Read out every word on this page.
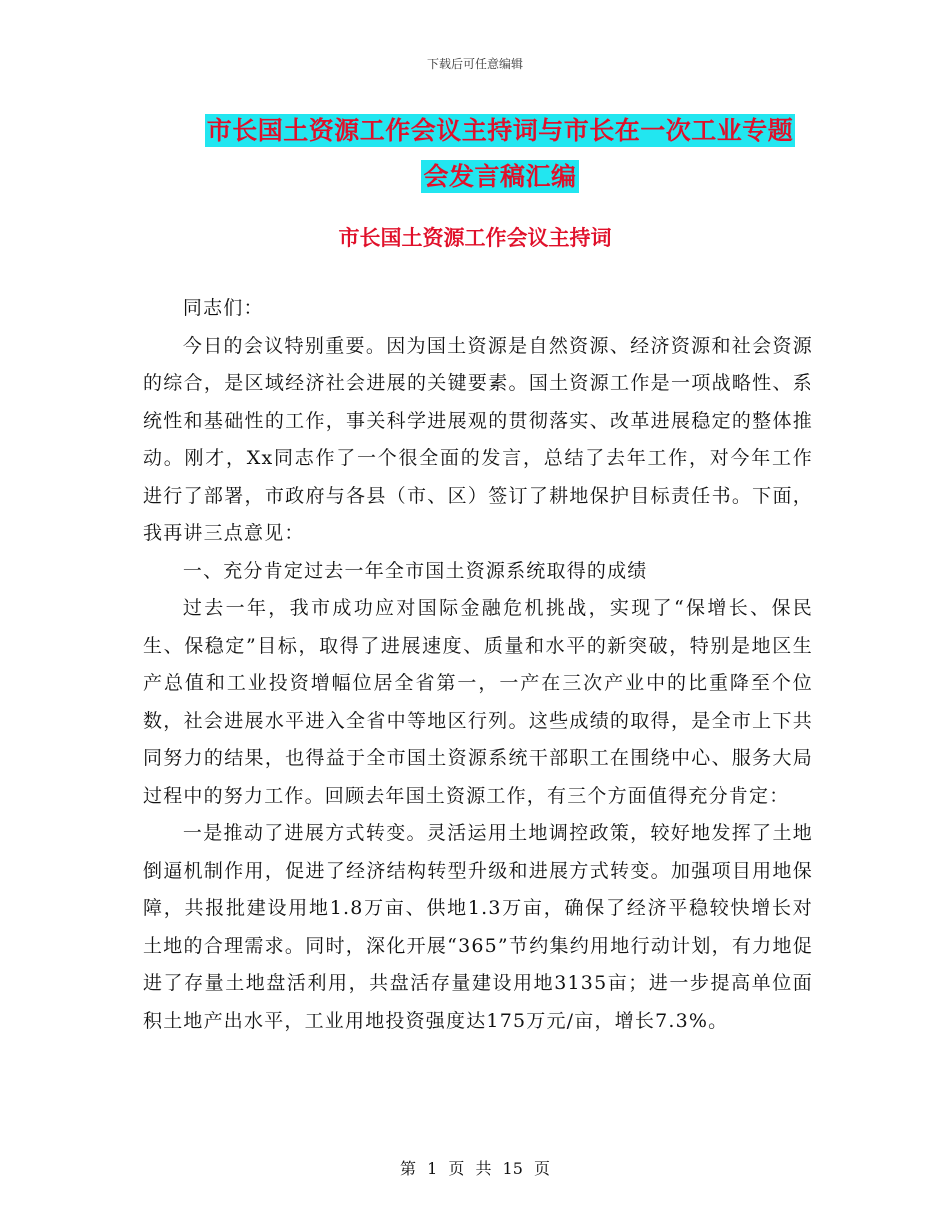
下载后可任意编辑
市长国土资源工作会议主持词与市长在一次工业专题
会发言稿汇编
市长国土资源工作会议主持词

同志们：

今日的会议特别重要。因为国土资源是自然资源、经济资源和社会资源的综合，是区域经济社会进展的关键要素。国土资源工作是一项战略性、系统性和基础性的工作，事关科学进展观的贯彻落实、改革进展稳定的整体推动。刚才，Xx同志作了一个很全面的发言，总结了去年工作，对今年工作进行了部署，市政府与各县（市、区）签订了耕地保护目标责任书。下面，我再讲三点意见：

一、充分肯定过去一年全市国土资源系统取得的成绩

过去一年，我市成功应对国际金融危机挑战，实现了“保增长、保民生、保稳定”目标，取得了进展速度、质量和水平的新突破，特别是地区生产总值和工业投资增幅位居全省第一，一产在三次产业中的比重降至个位数，社会进展水平进入全省中等地区行列。这些成绩的取得，是全市上下共同努力的结果，也得益于全市国土资源系统干部职工在围绕中心、服务大局过程中的努力工作。回顾去年国土资源工作，有三个方面值得充分肯定：

一是推动了进展方式转变。灵活运用土地调控政策，较好地发挥了土地倒逼机制作用，促进了经济结构转型升级和进展方式转变。加强项目用地保障，共报批建设用地1.8万亩、供地1.3万亩，确保了经济平稳较快增长对土地的合理需求。同时，深化开展“365”节约集约用地行动计划，有力地促进了存量土地盘活利用，共盘活存量建设用地3135亩；进一步提高单位面积土地产出水平，工业用地投资强度达175万元/亩，增长7.3%。

第 1 页 共 15 页
